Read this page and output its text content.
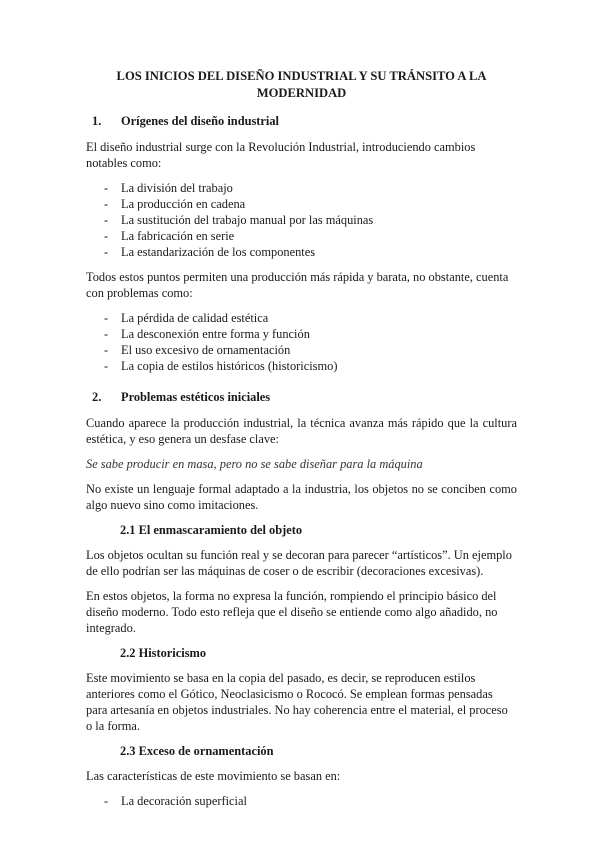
LOS INICIOS DEL DISEÑO INDUSTRIAL Y SU TRÁNSITO A LA MODERNIDAD
1.	Orígenes del diseño industrial

El diseño industrial surge con la Revolución Industrial, introduciendo cambios notables como:

-	La división del trabajo
-	La producción en cadena
-	La sustitución del trabajo manual por las máquinas
-	La fabricación en serie
-	La estandarización de los componentes

Todos estos puntos permiten una producción más rápida y barata, no obstante, cuenta con problemas como:

-	La pérdida de calidad estética
-	La desconexión entre forma y función
-	El uso excesivo de ornamentación
-	La copia de estilos históricos (historicismo)
2.	Problemas estéticos iniciales

Cuando aparece la producción industrial, la técnica avanza más rápido que la cultura estética, y eso genera un desfase clave:

Se sabe producir en masa, pero no se sabe diseñar para la máquina

No existe un lenguaje formal adaptado a la industria, los objetos no se conciben como algo nuevo sino como imitaciones.

2.1 El enmascaramiento del objeto

Los objetos ocultan su función real y se decoran para parecer “artísticos”. Un ejemplo de ello podrían ser las máquinas de coser o de escribir (decoraciones excesivas).

En estos objetos, la forma no expresa la función, rompiendo el principio básico del diseño moderno. Todo esto refleja que el diseño se entiende como algo añadido, no integrado.

2.2 Historicismo

Este movimiento se basa en la copia del pasado, es decir, se reproducen estilos anteriores como el Gótico, Neoclasicismo o Rococó. Se emplean formas pensadas para artesanía en objetos industriales. No hay coherencia entre el material, el proceso o la forma.

2.3 Exceso de ornamentación

Las características de este movimiento se basan en:

-	La decoración superficial
